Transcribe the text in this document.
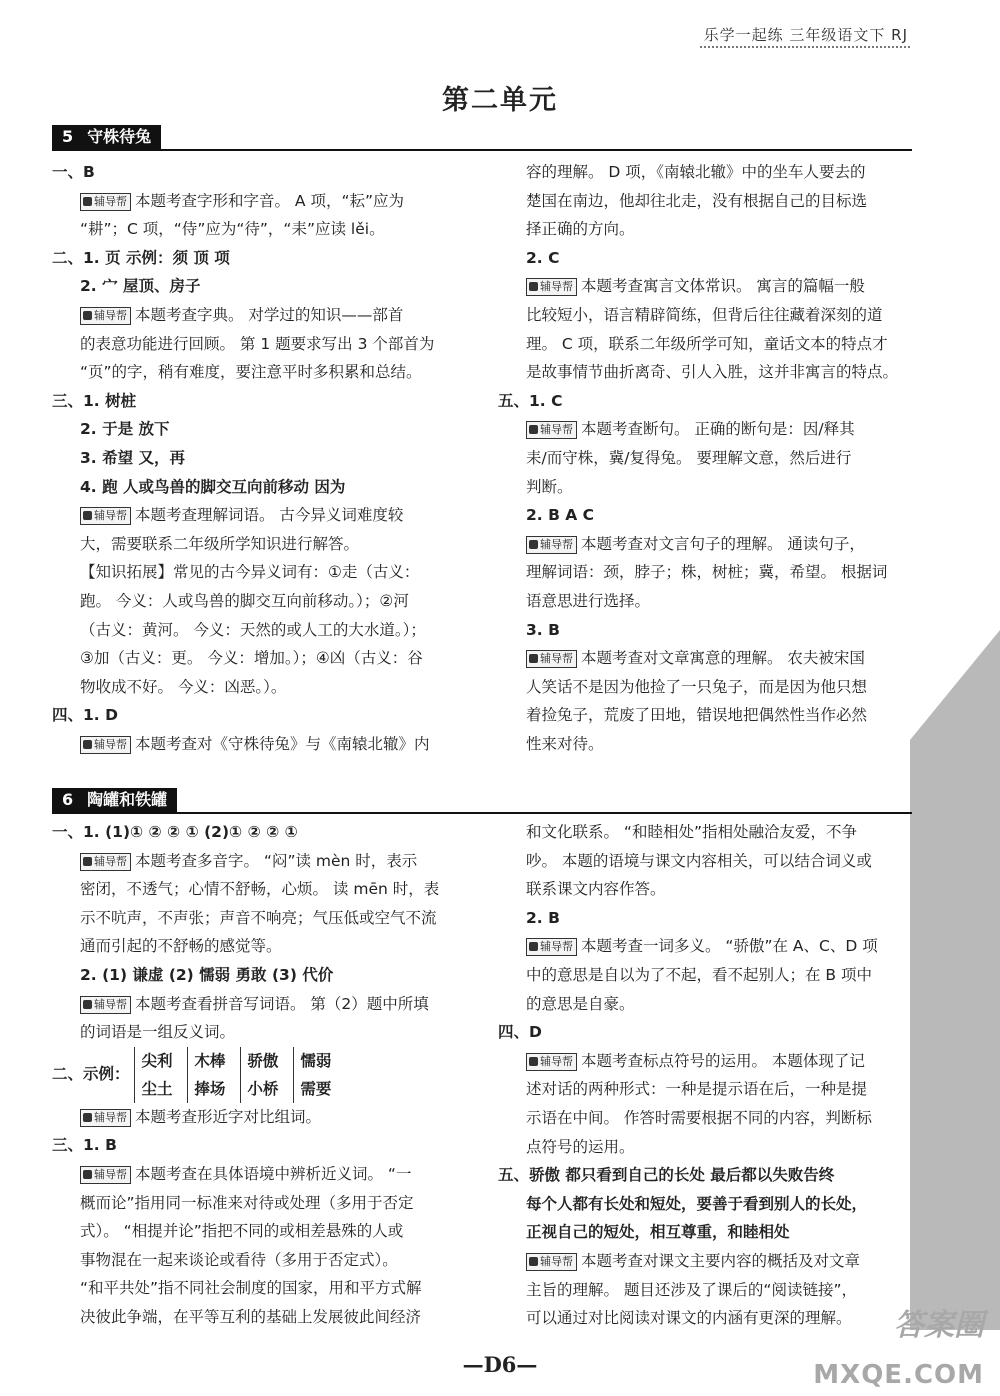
乐学一起练 三年级语文下 RJ
第二单元
5 守株待兔

一、B

辅导帮 本题考查字形和字音。 A 项，“耘”应为

“耕”；C 项，“侍”应为“待”，“耒”应读 lěi。

二、1. 页 示例：须 顶 项

2. 宀 屋顶、房子

辅导帮 本题考查字典。 对学过的知识——部首

的表意功能进行回顾。 第 1 题要求写出 3 个部首为

“页”的字，稍有难度，要注意平时多积累和总结。

三、1. 树桩

2. 于是 放下

3. 希望 又，再

4. 跑 人或鸟兽的脚交互向前移动 因为

辅导帮 本题考查理解词语。 古今异义词难度较

大，需要联系二年级所学知识进行解答。

【知识拓展】常见的古今异义词有：①走（古义：

跑。 今义：人或鸟兽的脚交互向前移动。）；②河

（古义：黄河。 今义：天然的或人工的大水道。）；

③加（古义：更。 今义：增加。）；④凶（古义：谷

物收成不好。 今义：凶恶。）。

四、1. D

辅导帮 本题考查对《守株待兔》与《南辕北辙》内

容的理解。 D 项，《南辕北辙》中的坐车人要去的

楚国在南边，他却往北走，没有根据自己的目标选

择正确的方向。

2. C

辅导帮 本题考查寓言文体常识。 寓言的篇幅一般

比较短小，语言精辟简练，但背后往往藏着深刻的道

理。 C 项，联系二年级所学可知，童话文本的特点才

是故事情节曲折离奇、引人入胜，这并非寓言的特点。

五、1. C

辅导帮 本题考查断句。 正确的断句是：因/释其

耒/而守株，冀/复得兔。 要理解文意，然后进行

判断。

2. B A C

辅导帮 本题考查对文言句子的理解。 通读句子，

理解词语：颈，脖子；株，树桩；冀，希望。 根据词

语意思进行选择。

3. B

辅导帮 本题考查对文章寓意的理解。 农夫被宋国

人笑话不是因为他捡了一只兔子，而是因为他只想

着捡兔子，荒废了田地，错误地把偶然性当作必然

性来对待。

6 陶罐和铁罐

一、1. (1)① ② ② ① (2)① ② ② ①

辅导帮 本题考查多音字。 “闷”读 mèn 时，表示

密闭，不透气；心情不舒畅，心烦。 读 mēn 时，表

示不吭声，不声张；声音不响亮；气压低或空气不流

通而引起的不舒畅的感觉等。

2. (1) 谦虚 (2) 懦弱 勇敢 (3) 代价

辅导帮 本题考查看拼音写词语。 第（2）题中所填

的词语是一组反义词。

二、示例：
尖利
尘土

木棒
捧场

骄傲
小桥

懦弱
需要

辅导帮 本题考查形近字对比组词。

三、1. B

辅导帮 本题考查在具体语境中辨析近义词。 “一

概而论”指用同一标准来对待或处理（多用于否定

式）。 “相提并论”指把不同的或相差悬殊的人或

事物混在一起来谈论或看待（多用于否定式）。

“和平共处”指不同社会制度的国家，用和平方式解

决彼此争端，在平等互利的基础上发展彼此间经济

和文化联系。 “和睦相处”指相处融洽友爱，不争

吵。 本题的语境与课文内容相关，可以结合词义或

联系课文内容作答。

2. B

辅导帮 本题考查一词多义。 “骄傲”在 A、C、D 项

中的意思是自以为了不起，看不起别人；在 B 项中

的意思是自豪。

四、D

辅导帮 本题考查标点符号的运用。 本题体现了记

述对话的两种形式：一种是提示语在后，一种是提

示语在中间。 作答时需要根据不同的内容，判断标

点符号的运用。

五、骄傲 都只看到自己的长处 最后都以失败告终

每个人都有长处和短处，要善于看到别人的长处，

正视自己的短处，相互尊重，和睦相处

辅导帮 本题考查对课文主要内容的概括及对文章

主旨的理解。 题目还涉及了课后的“阅读链接”，

可以通过对比阅读对课文的内涵有更深的理解。

—D6—
答案圈
MXQE.COM
